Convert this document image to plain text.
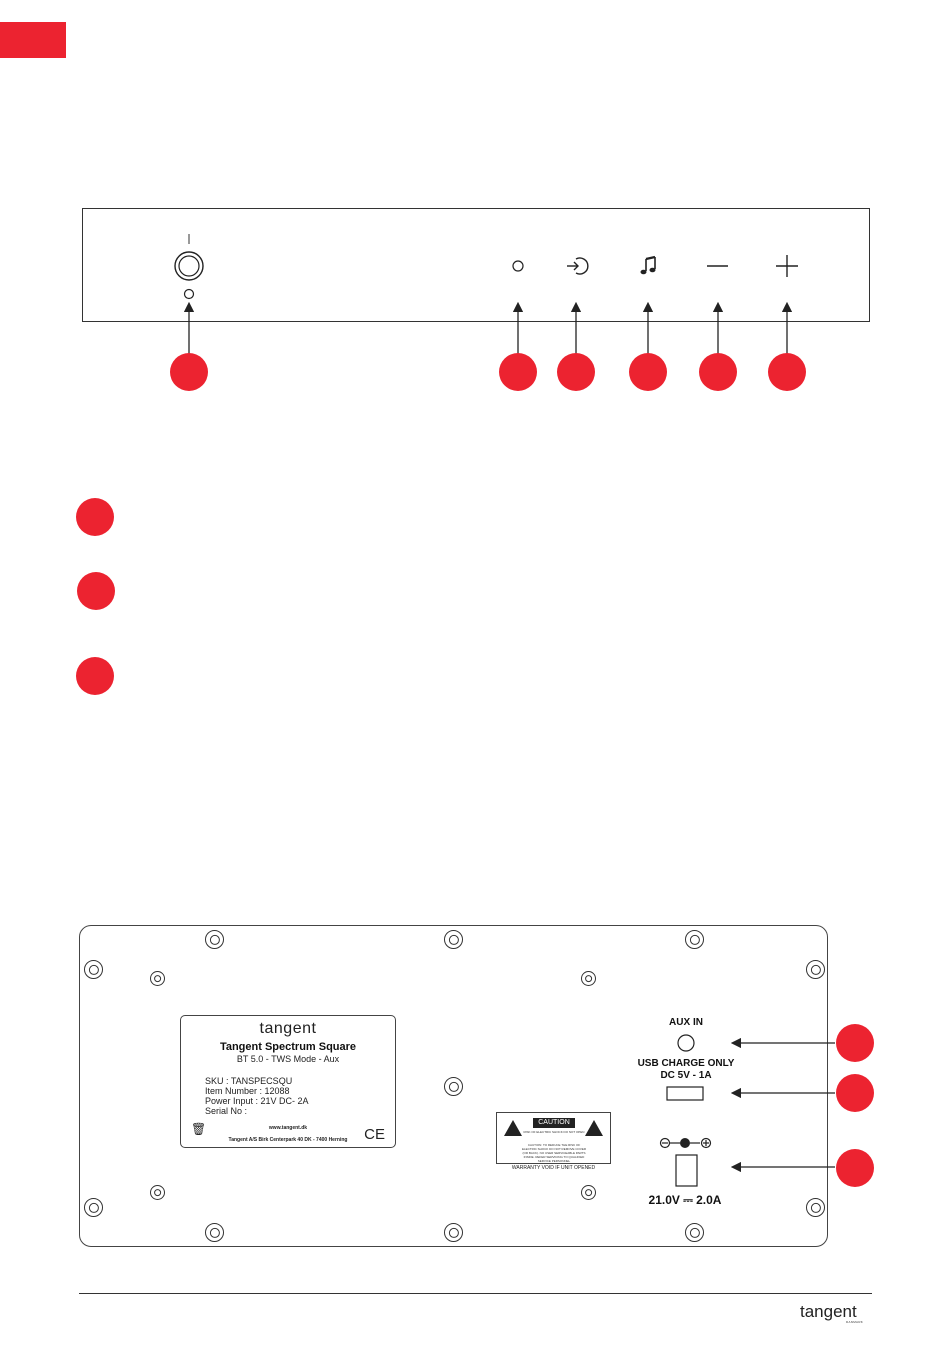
tangent
Tangent Spectrum Square
BT 5.0 - TWS Mode - Aux
SKU : TANSPECSQU
Item Number : 12088
Power Input : 21V DC- 2A
Serial No :
🗑	www.tangent.dk
Tangent A/S Birk Centerpark 40 DK - 7400 Herning	CE
CAUTION
RISK OF ELECTRIC SHOCK DO NOT OPEN
CAUTION: TO REDUCE THE RISK OF ELECTRIC SHOCK DO NOT REMOVE COVER (OR BACK). NO USER SERVICEABLE PARTS INSIDE. REFER SERVICING TO QUALIFIED SERVICE PERSONNEL
WARRANTY VOID IF UNIT OPENED
AUX IN
USB CHARGE ONLY
DC 5V - 1A
21.0V ⎓ 2.0A
tangent
DANMARK
